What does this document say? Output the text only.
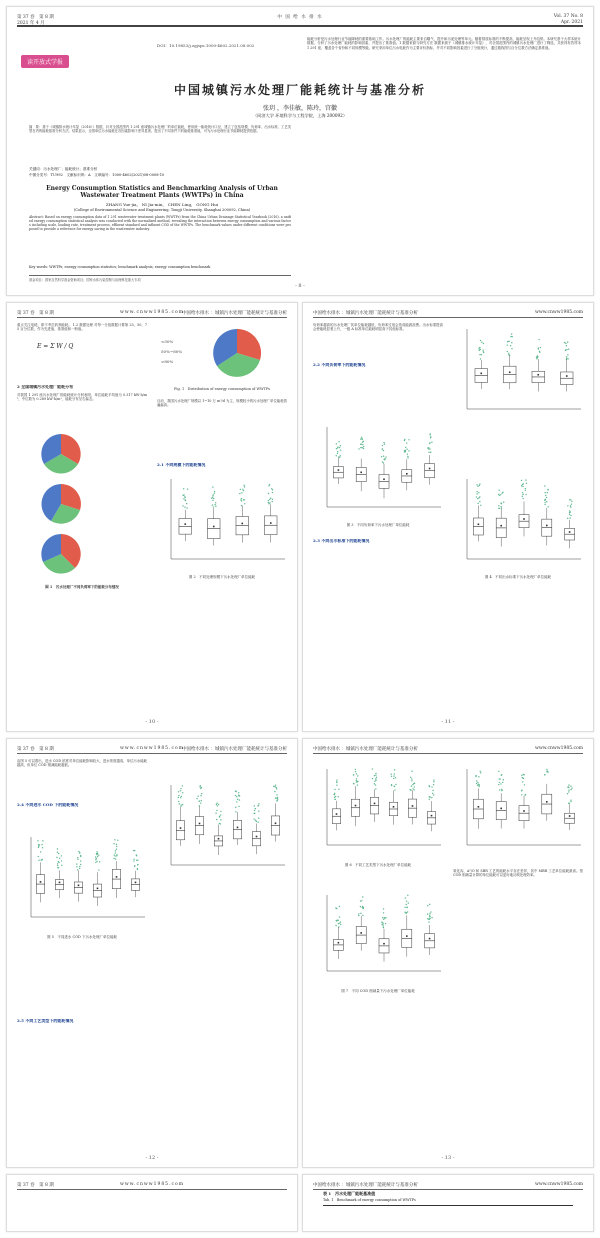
第 37 卷　第 8 期
2021 年 4 月
中 国 给 水 排 水	Vol. 37 No. 8
Apr. 2021
DOI：10.19853/j.zgjsps.1000-4602.2021.08.002
读开放式学报
中国城镇污水处理厂能耗统计与基准分析
张玥 ，李佳敏，陈玲，宫徽
（同济大学 环境科学与工程学院，上海 200092）
摘　要：基于《城镇排水统计年鉴（2016）》数据，针对全国范围内 1 291 座城镇污水处理厂的单位能耗，使用统一能耗统计口径，建立了包括规模、负荷率、出水标准、工艺类型在内的能耗基准分析方法。结果显示，全国单位污水能耗在各因素影响下差异显著，提出了不同条件下的能耗基准值，可为污水处理行业节能降耗提供依据。
关键词：污水处理厂；能耗统计；基准分析
中图分类号：TU992　文献标识码：A　文章编号：1000-4602(2021)08-0008-10
Energy Consumption Statistics and Benchmarking Analysis of Urban Wastewater Treatment Plants (WWTPs) in China
ZHANG Yue-jia， NI Jia-min， CHEN Ling， GONG Hui
(College of Environmental Science and Engineering, Tongji University, Shanghai 200092, China)
Abstract: Based on energy consumption data of 1 291 wastewater treatment plants (WWTPs) from the China Urban Drainage Statistical Yearbook (2016), a unified energy consumption statistical analysis was conducted with the normalized method, revealing the interaction between energy consumption and various factors including scale, loading rate, treatment process, effluent standard and influent COD of the WWTPs. The benchmark values under different conditions were proposed to provide a reference for energy saving in the wastewater industry.
Key words: WWTPs; energy consumption statistics; benchmark analysis; energy consumption benchmark
基金项目：国家自然科学基金资助项目；国家水体污染控制与治理科技重大专项
能耗分析是污水处理行业节能降耗的重要基础工作。污水处理厂的能耗主要来自曝气、提升和污泥处理等单元。随着排放标准的不断提高，能耗呈现上升趋势。本研究基于大样本统计数据，分析了污水处理厂能耗的影响因素，并提出了基准值。1 数据来源与研究方法 数据来源于《城镇排水统计年鉴》，对全国范围内的城镇污水处理厂进行了筛选，共获得有效样本 1 291 座，覆盖各个省份和不同规模等级。研究采用单位污水电耗作为主要评价指标，并对不同影响因素进行了分组统计，通过箱线图与百分位数方法确定基准值。
- 8 -
第 37 卷　第 8 期	www.cnww1985.com
中国给水排水 ：城镇污水处理厂能耗统计与基准分析
重点关注电耗，即不考虑药剂能耗。 1.2 数据处理 对每一分组数据计算第 25、50、75 百分位数，作为先进值、基准值和一般值。
E = Σ W / Q
2 全国城镇污水处理厂能耗分布
对我国 1 291 座污水处理厂的能耗统计分析表明，单位能耗平均值为 0.317 kW·h/m³，中位数为 0.289 kW·h/m³，能耗分布呈右偏态。
图 1　污水处理厂不同负荷率下的能耗分布情况
<50%
50%~80%
>80%
Fig. 1　Distribution of energy consumption of WWTPs
目前，我国污水处理厂规模以 1~10 万 m³/d 为主，规模较小的污水处理厂单位能耗普遍偏高。
2.1 不同规模下的能耗情况
图 2　不同处理规模下污水处理厂单位能耗
- 10 -
中国给水排水 ：城镇污水处理厂能耗统计与基准分析	www.cnww1985.com
负荷率越高的污水处理厂其单位能耗越低，负荷率过低会造成能源浪费。出水标准提高会使能耗显著上升，一级 A 标准单位能耗明显高于其他标准。
2.2 不同负荷率下的能耗情况
图 3　不同负荷率下污水处理厂单位能耗
2.3 不同出水标准下的能耗情况
图 4　不同出水标准下污水处理厂单位能耗
- 11 -
第 37 卷　第 8 期	www.cnww1985.com
中国给水排水 ：城镇污水处理厂能耗统计与基准分析
由图 5 可以看出，进水 COD 浓度对单位能耗影响较大，进水浓度越高，单位污水能耗越高，但单位 COD 削减能耗越低。
2.4 不同进水 COD 下的能耗情况
图 5　不同进水 COD 下污水处理厂单位能耗
2.5 不同工艺类型下的能耗情况
- 12 -
中国给水排水 ：城镇污水处理厂能耗统计与基准分析	www.cnww1985.com
图 6　不同工艺类型下污水处理厂单位能耗
图 7　不同 COD 削减量下污水处理厂单位能耗
氧化沟、A²/O 和 SBR 工艺的能耗水平存在差异，其中 MBR 工艺单位能耗最高。按 COD 削减量计算的单位能耗可以更好地反映处理效率。
- 13 -
第 37 卷　第 8 期	www.cnww1985.com	中国给水排水 ：城镇污水处理厂能耗统计与基准分析	www.cnww1985.com
表 1　污水处理厂能耗基准值
Tab. 1　Benchmark of energy consumption of WWTPs
